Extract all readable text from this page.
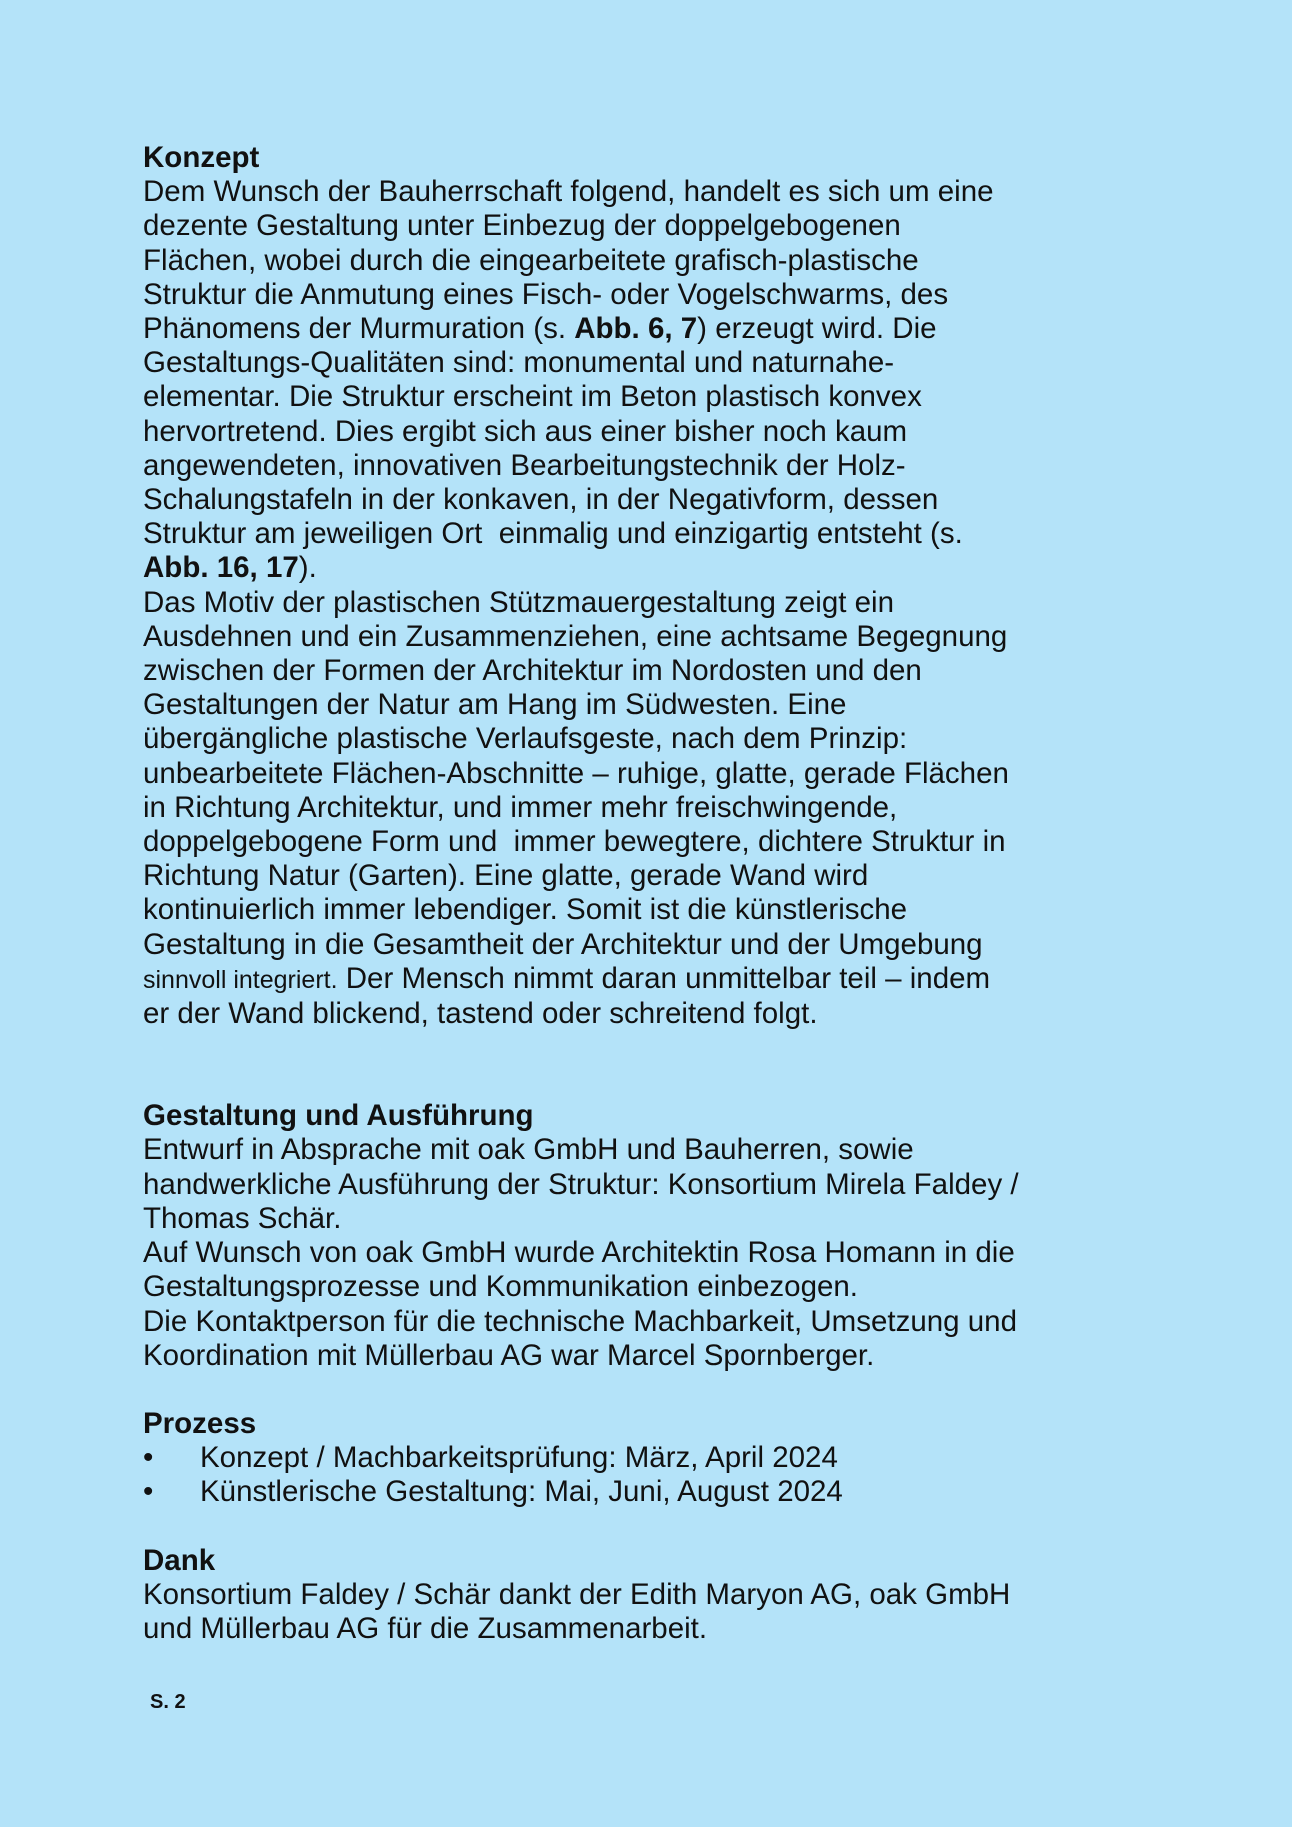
Konzept
Dem Wunsch der Bauherrschaft folgend, handelt es sich um eine
dezente Gestaltung unter Einbezug der doppelgebogenen
Flächen, wobei durch die eingearbeitete grafisch-plastische
Struktur die Anmutung eines Fisch- oder Vogelschwarms, des
Phänomens der Murmuration (s. Abb. 6, 7) erzeugt wird. Die
Gestaltungs-Qualitäten sind: monumental und naturnahe-
elementar. Die Struktur erscheint im Beton plastisch konvex
hervortretend. Dies ergibt sich aus einer bisher noch kaum
angewendeten, innovativen Bearbeitungstechnik der Holz-
Schalungstafeln in der konkaven, in der Negativform, dessen
Struktur am jeweiligen Ort  einmalig und einzigartig entsteht (s.
Abb. 16, 17).
Das Motiv der plastischen Stützmauergestaltung zeigt ein
Ausdehnen und ein Zusammenziehen, eine achtsame Begegnung
zwischen der Formen der Architektur im Nordosten und den
Gestaltungen der Natur am Hang im Südwesten. Eine
übergängliche plastische Verlaufsgeste, nach dem Prinzip:
unbearbeitete Flächen-Abschnitte – ruhige, glatte, gerade Flächen
in Richtung Architektur, und immer mehr freischwingende,
doppelgebogene Form und  immer bewegtere, dichtere Struktur in
Richtung Natur (Garten). Eine glatte, gerade Wand wird
kontinuierlich immer lebendiger. Somit ist die künstlerische
Gestaltung in die Gesamtheit der Architektur und der Umgebung
sinnvoll integriert. Der Mensch nimmt daran unmittelbar teil – indem
er der Wand blickend, tastend oder schreitend folgt.
Gestaltung und Ausführung
Entwurf in Absprache mit oak GmbH und Bauherren, sowie
handwerkliche Ausführung der Struktur: Konsortium Mirela Faldey /
Thomas Schär.
Auf Wunsch von oak GmbH wurde Architektin Rosa Homann in die
Gestaltungsprozesse und Kommunikation einbezogen.
Die Kontaktperson für die technische Machbarkeit, Umsetzung und
Koordination mit Müllerbau AG war Marcel Spornberger.
Prozess
• Konzept / Machbarkeitsprüfung: März, April 2024
• Künstlerische Gestaltung: Mai, Juni, August 2024
Dank
Konsortium Faldey / Schär dankt der Edith Maryon AG, oak GmbH
und Müllerbau AG für die Zusammenarbeit.
S. 2
